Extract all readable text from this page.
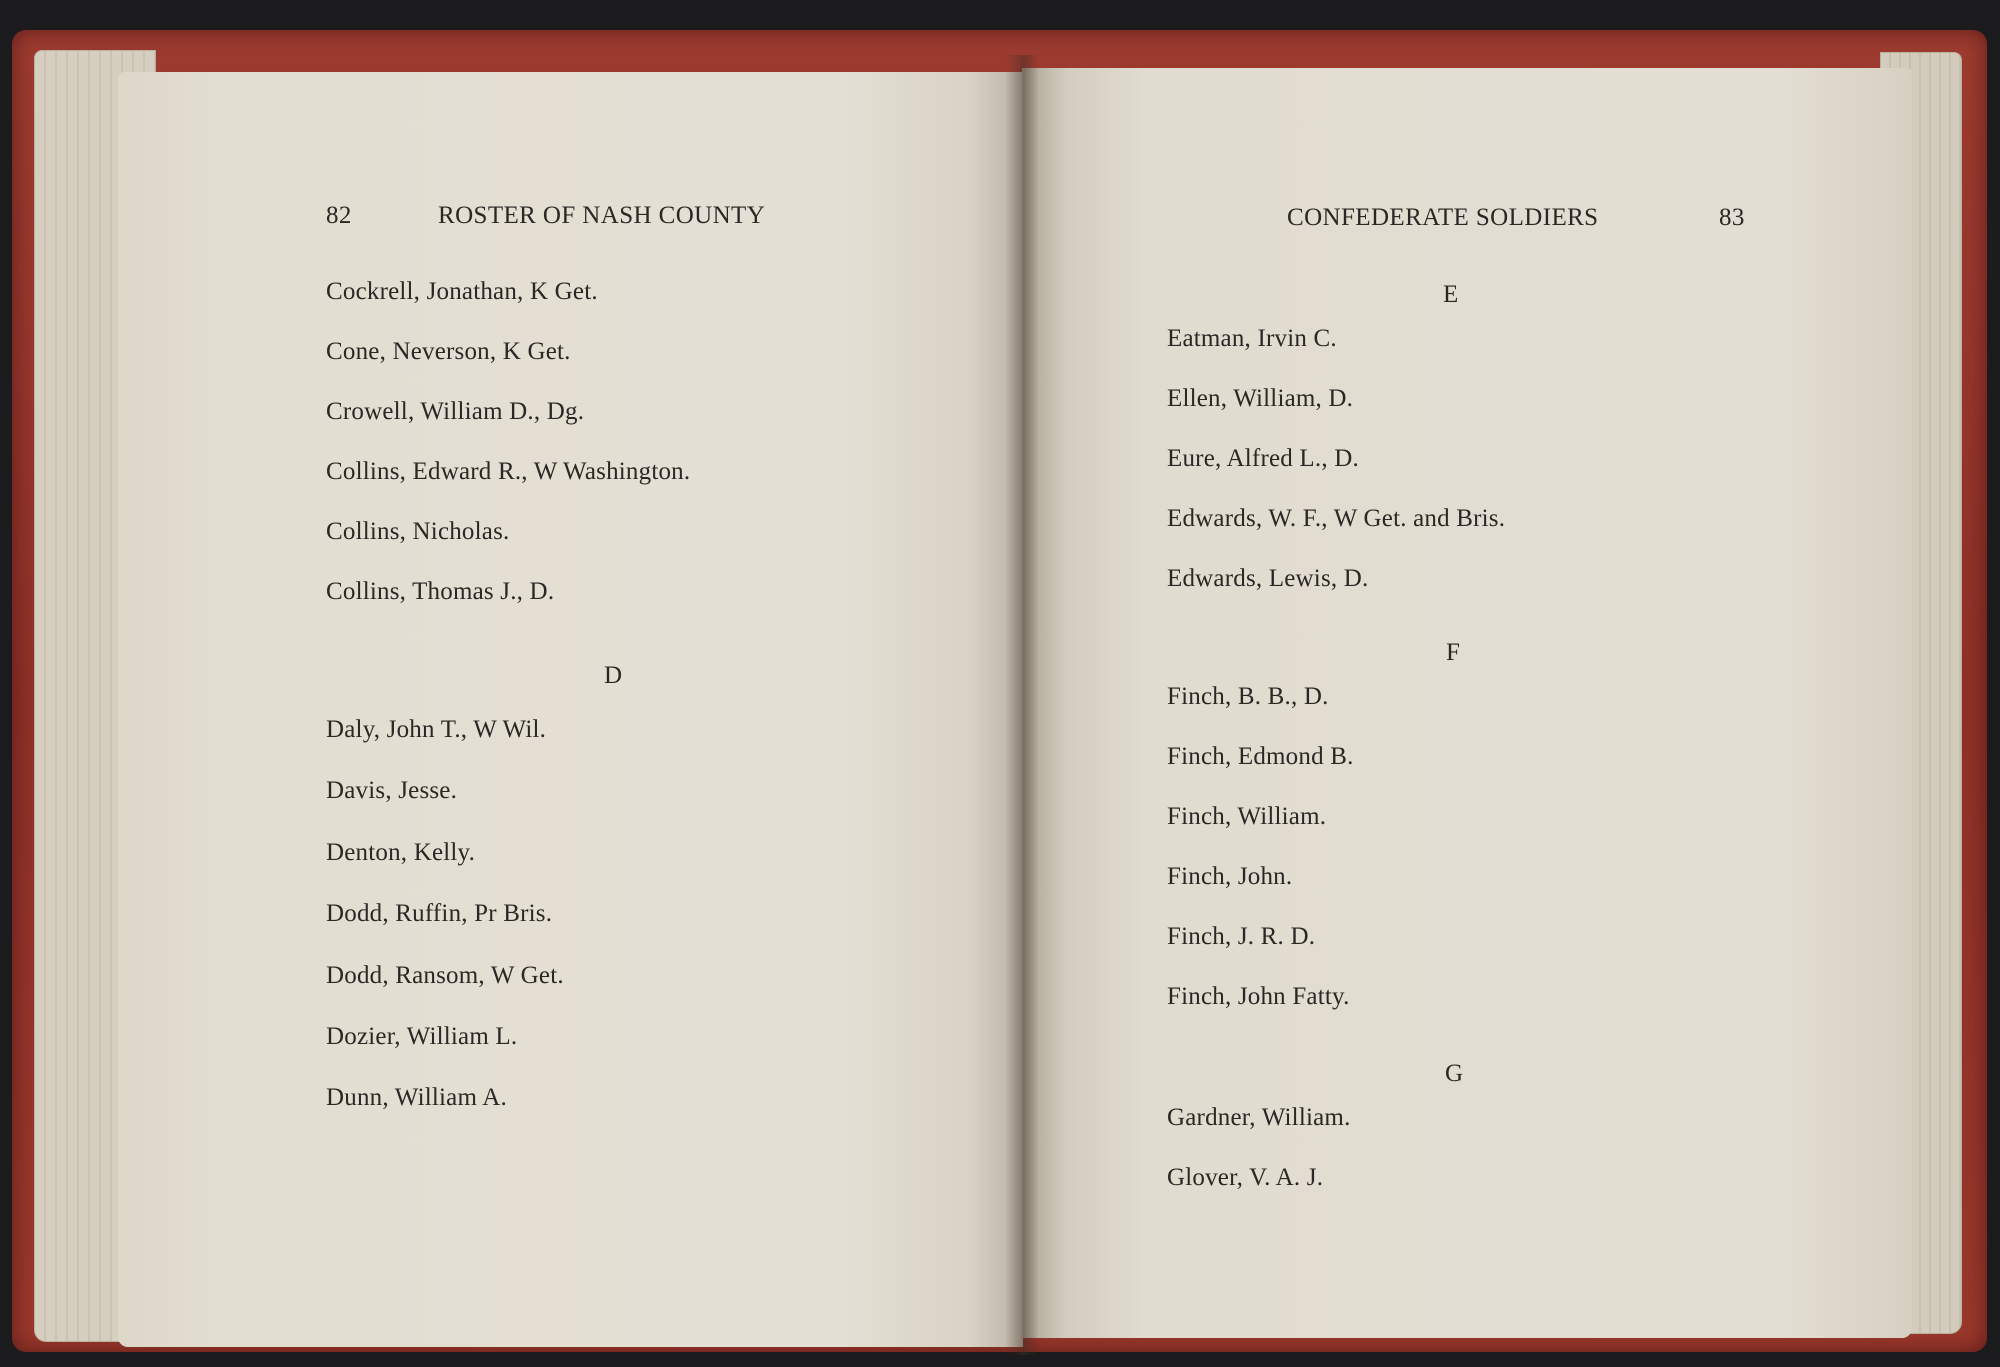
82	ROSTER OF NASH COUNTY
Cockrell, Jonathan, K Get.
Cone, Neverson, K Get.
Crowell, William D., Dg.
Collins, Edward R., W Washington.
Collins, Nicholas.
Collins, Thomas J., D.
D
Daly, John T., W Wil.
Davis, Jesse.
Denton, Kelly.
Dodd, Ruffin, Pr Bris.
Dodd, Ransom, W Get.
Dozier, William L.
Dunn, William A.
CONFEDERATE SOLDIERS	83
E
Eatman, Irvin C.
Ellen, William, D.
Eure, Alfred L., D.
Edwards, W. F., W Get. and Bris.
Edwards, Lewis, D.
F
Finch, B. B., D.
Finch, Edmond B.
Finch, William.
Finch, John.
Finch, J. R. D.
Finch, John Fatty.
G
Gardner, William.
Glover, V. A. J.
